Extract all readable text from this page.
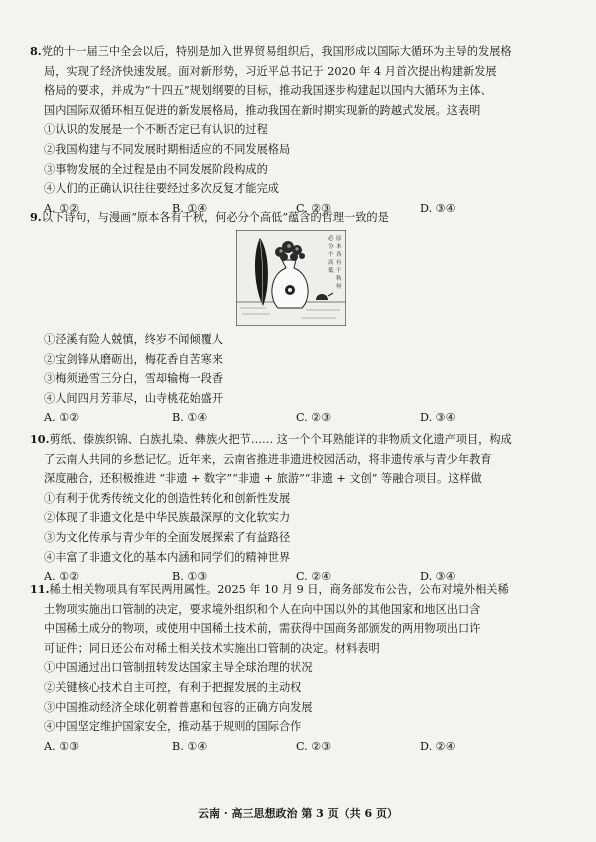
8.党的十一届三中全会以后，特别是加入世界贸易组织后，我国形成以国际大循环为主导的发展格
局，实现了经济快速发展。面对新形势，习近平总书记于 2020 年 4 月首次提出构建新发展
格局的要求，并成为“十四五”规划纲要的目标，推动我国逐步构建起以国内大循环为主体、
国内国际双循环相互促进的新发展格局，推动我国在新时期实现新的跨越式发展。这表明
①认识的发展是一个不断否定已有认识的过程
②我国构建与不同发展时期相适应的不同发展格局
③事物发展的全过程是由不同发展阶段构成的
④人们的正确认识往往要经过多次反复才能完成
A. ①②	B. ①④	C. ②③	D. ③④
9.以下诗句，与漫画“原本各有千秋，何必分个高低”蕴含的哲理一致的是
原本各有千秋何必分个高低
①泾溪有险人兢慎，终岁不闻倾覆人
②宝剑锋从磨砺出，梅花香自苦寒来
③梅须逊雪三分白，雪却输梅一段香
④人间四月芳菲尽，山寺桃花始盛开
A. ①②	B. ①④	C. ②③	D. ③④
10.剪纸、傣族织锦、白族扎染、彝族火把节…… 这一个个耳熟能详的非物质文化遗产项目，构成
了云南人共同的乡愁记忆。近年来，云南省推进非遗进校园活动，将非遗传承与青少年教育
深度融合，还积极推进 “非遗 + 数字”“非遗 + 旅游”“非遗 + 文创” 等融合项目。这样做
①有利于优秀传统文化的创造性转化和创新性发展
②体现了非遗文化是中华民族最深厚的文化软实力
③为文化传承与青少年的全面发展探索了有益路径
④丰富了非遗文化的基本内涵和同学们的精神世界
A. ①②	B. ①③	C. ②④	D. ③④
11.稀土相关物项具有军民两用属性。2025 年 10 月 9 日，商务部发布公告，公布对境外相关稀
土物项实施出口管制的决定，要求境外组织和个人在向中国以外的其他国家和地区出口含
中国稀土成分的物项，或使用中国稀土技术前，需获得中国商务部颁发的两用物项出口许
可证件；同日还公布对稀土相关技术实施出口管制的决定。材料表明
①中国通过出口管制扭转发达国家主导全球治理的状况
②关键核心技术自主可控，有利于把握发展的主动权
③中国推动经济全球化朝着普惠和包容的正确方向发展
④中国坚定维护国家安全，推动基于规则的国际合作
A. ①③	B. ①④	C. ②③	D. ②④
云南 · 高三思想政治 第 3 页（共 6 页）
